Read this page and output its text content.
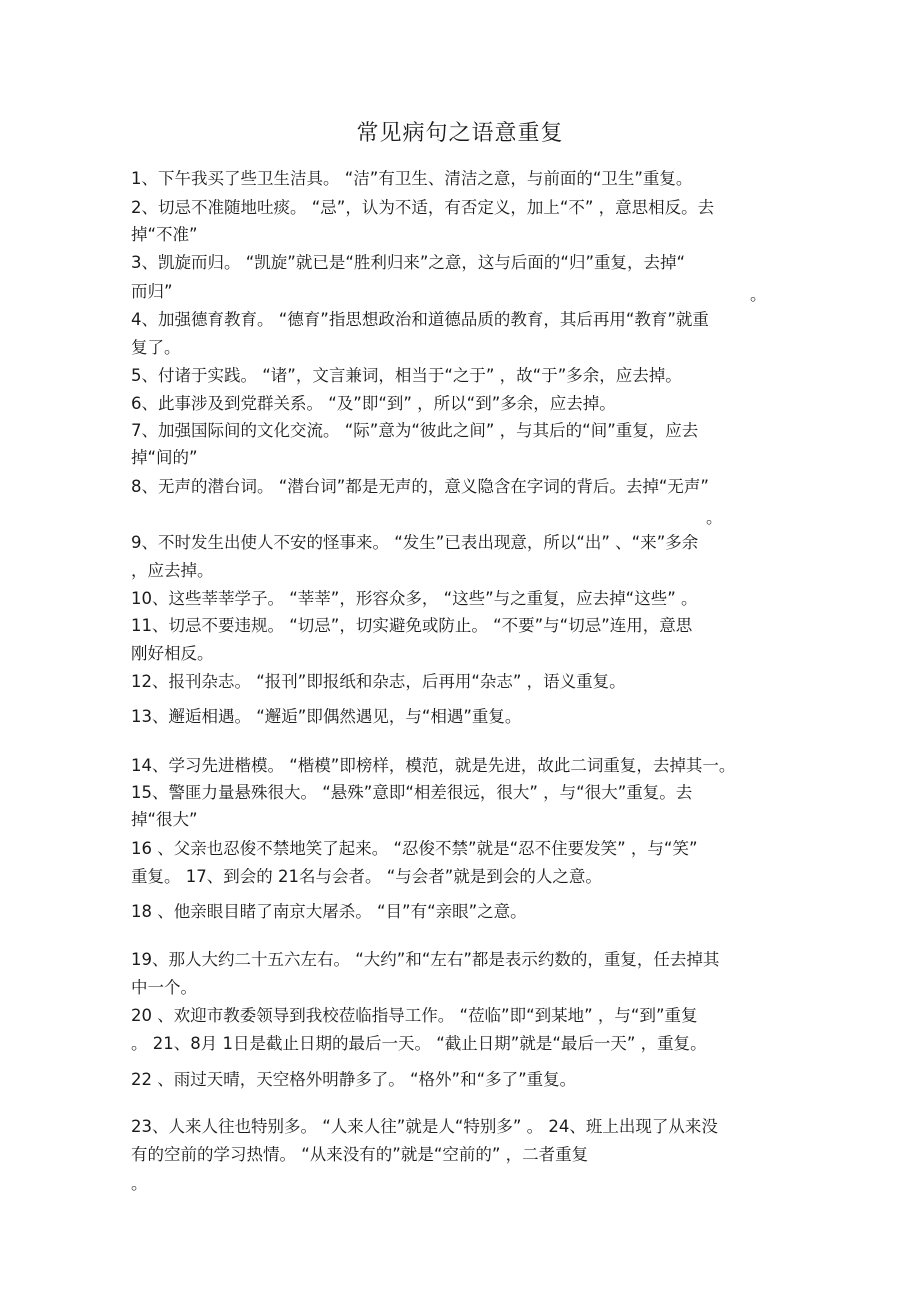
常见病句之语意重复
1、下午我买了些卫生洁具。 “洁”有卫生、清洁之意，与前面的“卫生”重复。
2、切忌不准随地吐痰。 “忌”，认为不适，有否定义，加上“不” ，意思相反。去
掉“不准”
3、凯旋而归。 “凯旋”就已是“胜利归来”之意，这与后面的“归”重复，去掉“
而归”	。
4、加强德育教育。 “德育”指思想政治和道德品质的教育，其后再用“教育”就重
复了。
5、付诸于实践。 “诸”，文言兼词，相当于“之于” ，故“于”多余，应去掉。
6、此事涉及到党群关系。 “及”即“到” ，所以“到”多余，应去掉。
7、加强国际间的文化交流。 “际”意为“彼此之间” ，与其后的“间”重复，应去
掉“间的”
8、无声的潜台词。 “潜台词”都是无声的，意义隐含在字词的背后。去掉“无声”
。
9、不时发生出使人不安的怪事来。 “发生”已表出现意，所以“出” 、“来”多余
，应去掉。
10、这些莘莘学子。 “莘莘”，形容众多， “这些”与之重复，应去掉“这些” 。
11、切忌不要违规。 “切忌”，切实避免或防止。 “不要”与“切忌”连用，意思
刚好相反。
12、报刊杂志。 “报刊”即报纸和杂志，后再用“杂志” ，语义重复。
13、邂逅相遇。 “邂逅”即偶然遇见，与“相遇”重复。
14、学习先进楷模。 “楷模”即榜样，模范，就是先进，故此二词重复，去掉其一。
15、警匪力量悬殊很大。 “悬殊”意即“相差很远，很大” ，与“很大”重复。去
掉“很大”
16 、父亲也忍俊不禁地笑了起来。 “忍俊不禁”就是“忍不住要发笑” ，与“笑”
重复。 17、到会的 21名与会者。 “与会者”就是到会的人之意。
18 、他亲眼目睹了南京大屠杀。 “目”有“亲眼”之意。
19、那人大约二十五六左右。 “大约”和“左右”都是表示约数的，重复，任去掉其
中一个。
20 、欢迎市教委领导到我校莅临指导工作。 “莅临”即“到某地” ，与“到”重复
。 21、8月 1日是截止日期的最后一天。 “截止日期”就是“最后一天” ，重复。
22 、雨过天晴，天空格外明静多了。 “格外”和“多了”重复。
23、人来人往也特别多。 “人来人往”就是人“特别多” 。 24、班上出现了从来没
有的空前的学习热情。 “从来没有的”就是“空前的” ，二者重复
。
